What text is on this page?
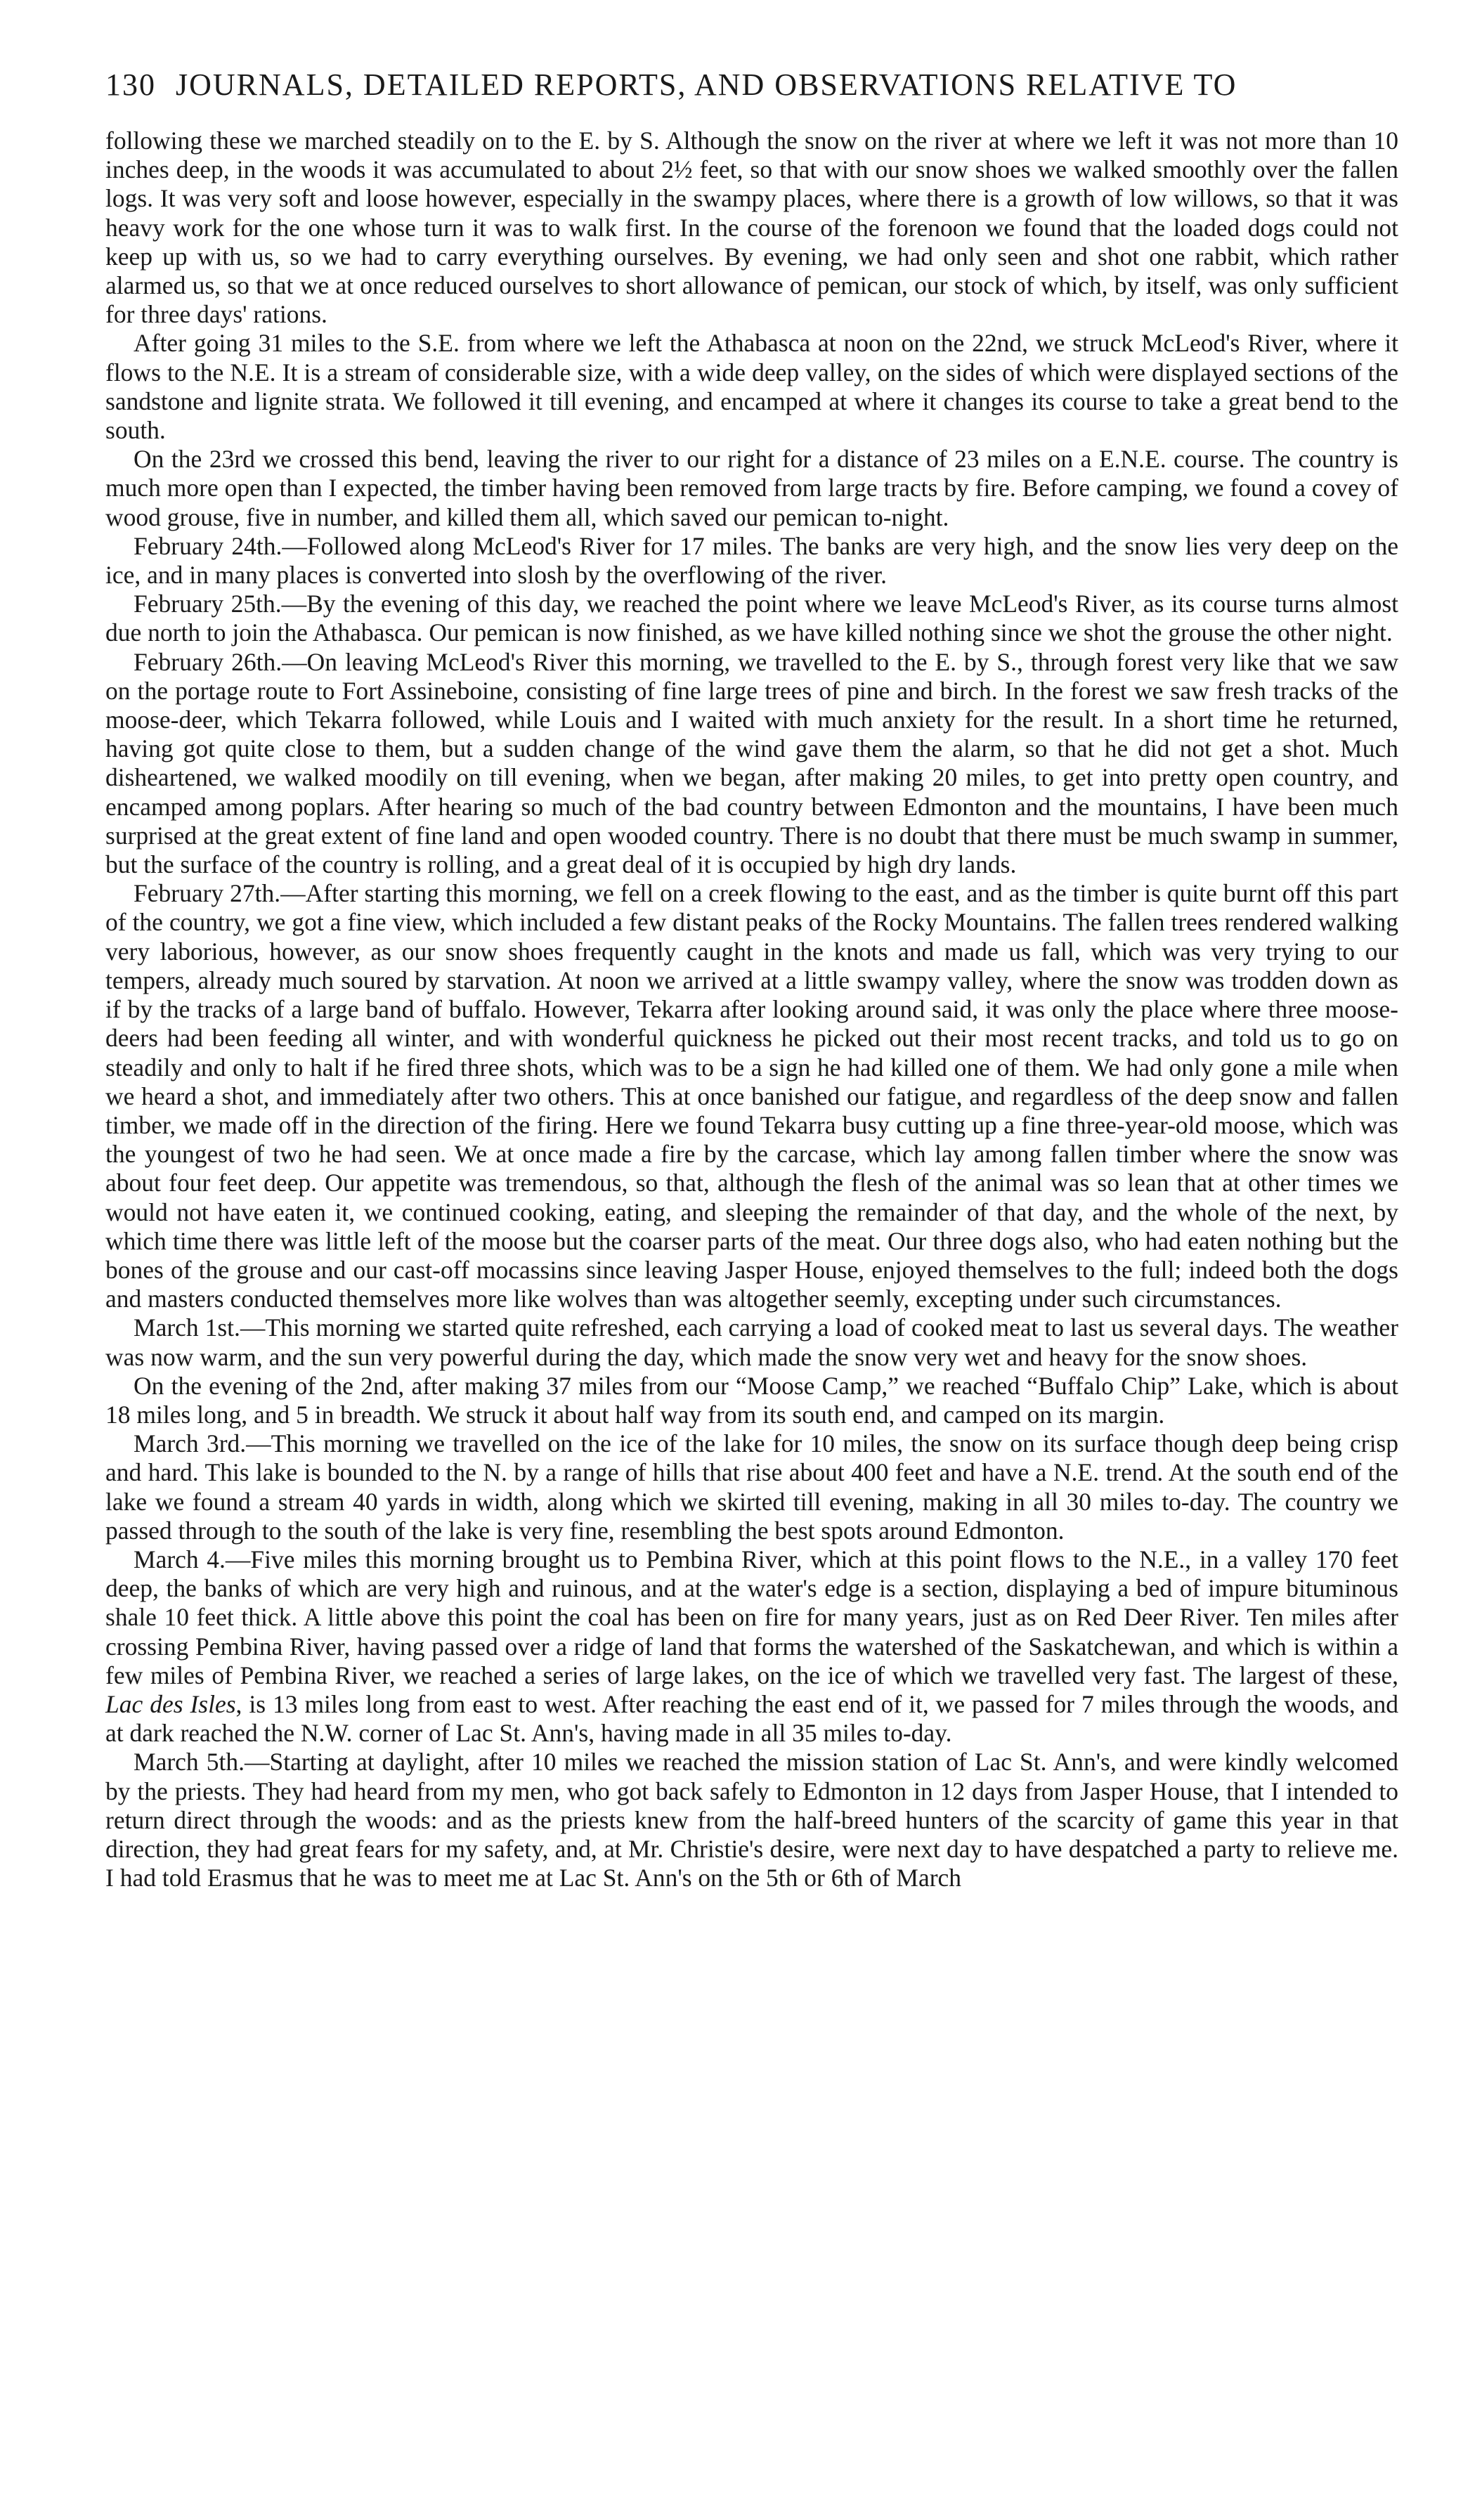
130 JOURNALS, DETAILED REPORTS, AND OBSERVATIONS RELATIVE TO

following these we marched steadily on to the E. by S. Although the snow on the river at where we left it was not more than 10 inches deep, in the woods it was accumulated to about 2½ feet, so that with our snow shoes we walked smoothly over the fallen logs. It was very soft and loose however, especially in the swampy places, where there is a growth of low willows, so that it was heavy work for the one whose turn it was to walk first. In the course of the forenoon we found that the loaded dogs could not keep up with us, so we had to carry everything ourselves. By evening, we had only seen and shot one rabbit, which rather alarmed us, so that we at once reduced ourselves to short allowance of pemican, our stock of which, by itself, was only sufficient for three days' rations.

After going 31 miles to the S.E. from where we left the Athabasca at noon on the 22nd, we struck McLeod's River, where it flows to the N.E. It is a stream of considerable size, with a wide deep valley, on the sides of which were displayed sections of the sandstone and lignite strata. We followed it till evening, and encamped at where it changes its course to take a great bend to the south.

On the 23rd we crossed this bend, leaving the river to our right for a distance of 23 miles on a E.N.E. course. The country is much more open than I expected, the timber having been removed from large tracts by fire. Before camping, we found a covey of wood grouse, five in number, and killed them all, which saved our pemican to-night.

February 24th.—Followed along McLeod's River for 17 miles. The banks are very high, and the snow lies very deep on the ice, and in many places is converted into slosh by the overflowing of the river.

February 25th.—By the evening of this day, we reached the point where we leave McLeod's River, as its course turns almost due north to join the Athabasca. Our pemican is now finished, as we have killed nothing since we shot the grouse the other night.

February 26th.—On leaving McLeod's River this morning, we travelled to the E. by S., through forest very like that we saw on the portage route to Fort Assineboine, consisting of fine large trees of pine and birch. In the forest we saw fresh tracks of the moose-deer, which Tekarra followed, while Louis and I waited with much anxiety for the result. In a short time he returned, having got quite close to them, but a sudden change of the wind gave them the alarm, so that he did not get a shot. Much disheartened, we walked moodily on till evening, when we began, after making 20 miles, to get into pretty open country, and encamped among poplars. After hearing so much of the bad country between Edmonton and the mountains, I have been much surprised at the great extent of fine land and open wooded country. There is no doubt that there must be much swamp in summer, but the surface of the country is rolling, and a great deal of it is occupied by high dry lands.

February 27th.—After starting this morning, we fell on a creek flowing to the east, and as the timber is quite burnt off this part of the country, we got a fine view, which included a few distant peaks of the Rocky Mountains. The fallen trees rendered walking very laborious, however, as our snow shoes frequently caught in the knots and made us fall, which was very trying to our tempers, already much soured by starvation. At noon we arrived at a little swampy valley, where the snow was trodden down as if by the tracks of a large band of buffalo. However, Tekarra after looking around said, it was only the place where three moose-deers had been feeding all winter, and with wonderful quickness he picked out their most recent tracks, and told us to go on steadily and only to halt if he fired three shots, which was to be a sign he had killed one of them. We had only gone a mile when we heard a shot, and immediately after two others. This at once banished our fatigue, and regardless of the deep snow and fallen timber, we made off in the direction of the firing. Here we found Tekarra busy cutting up a fine three-year-old moose, which was the youngest of two he had seen. We at once made a fire by the carcase, which lay among fallen timber where the snow was about four feet deep. Our appetite was tremendous, so that, although the flesh of the animal was so lean that at other times we would not have eaten it, we continued cooking, eating, and sleeping the remainder of that day, and the whole of the next, by which time there was little left of the moose but the coarser parts of the meat. Our three dogs also, who had eaten nothing but the bones of the grouse and our cast-off mocassins since leaving Jasper House, enjoyed themselves to the full; indeed both the dogs and masters conducted themselves more like wolves than was altogether seemly, excepting under such circumstances.

March 1st.—This morning we started quite refreshed, each carrying a load of cooked meat to last us several days. The weather was now warm, and the sun very powerful during the day, which made the snow very wet and heavy for the snow shoes.

On the evening of the 2nd, after making 37 miles from our “Moose Camp,” we reached “Buffalo Chip” Lake, which is about 18 miles long, and 5 in breadth. We struck it about half way from its south end, and camped on its margin.

March 3rd.—This morning we travelled on the ice of the lake for 10 miles, the snow on its surface though deep being crisp and hard. This lake is bounded to the N. by a range of hills that rise about 400 feet and have a N.E. trend. At the south end of the lake we found a stream 40 yards in width, along which we skirted till evening, making in all 30 miles to-day. The country we passed through to the south of the lake is very fine, resembling the best spots around Edmonton.

March 4.—Five miles this morning brought us to Pembina River, which at this point flows to the N.E., in a valley 170 feet deep, the banks of which are very high and ruinous, and at the water's edge is a section, displaying a bed of impure bituminous shale 10 feet thick. A little above this point the coal has been on fire for many years, just as on Red Deer River. Ten miles after crossing Pembina River, having passed over a ridge of land that forms the watershed of the Saskatchewan, and which is within a few miles of Pembina River, we reached a series of large lakes, on the ice of which we travelled very fast. The largest of these, Lac des Isles, is 13 miles long from east to west. After reaching the east end of it, we passed for 7 miles through the woods, and at dark reached the N.W. corner of Lac St. Ann's, having made in all 35 miles to-day.

March 5th.—Starting at daylight, after 10 miles we reached the mission station of Lac St. Ann's, and were kindly welcomed by the priests. They had heard from my men, who got back safely to Edmonton in 12 days from Jasper House, that I intended to return direct through the woods: and as the priests knew from the half-breed hunters of the scarcity of game this year in that direction, they had great fears for my safety, and, at Mr. Christie's desire, were next day to have despatched a party to relieve me. I had told Erasmus that he was to meet me at Lac St. Ann's on the 5th or 6th of March
